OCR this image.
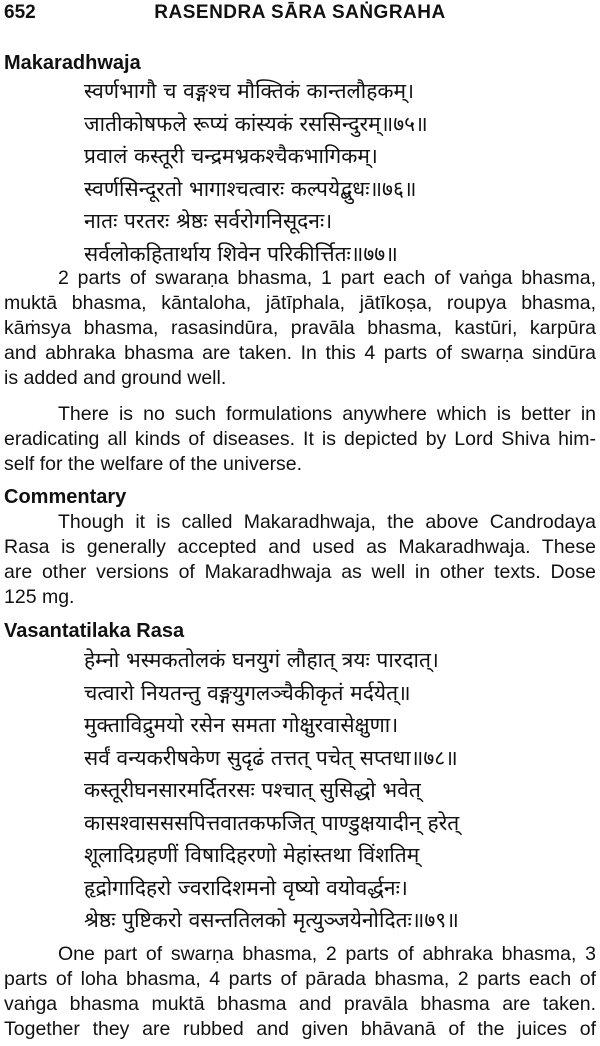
652	RASENDRA SĀRA SAṄGRAHA
Makaradhwaja
स्वर्णभागौ च वङ्गश्च मौक्तिकं कान्तलौहकम्।
जातीकोषफले रूप्यं कांस्यकं रससिन्दुरम्॥७५॥
प्रवालं कस्तूरी चन्द्रमभ्रकश्चैकभागिकम्।
स्वर्णसिन्दूरतो भागाश्चत्वारः कल्पयेद्बुधः॥७६॥
नातः परतरः श्रेष्ठः सर्वरोगनिसूदनः।
सर्वलोकहितार्थाय शिवेन परिकीर्त्तितः॥७७॥
2 parts of swaraṇa bhasma, 1 part each of vaṅga bhasma,
muktā bhasma, kāntaloha, jātīphala, jātīkoṣa, roupya bhasma,
kāṁsya bhasma, rasasindūra, pravāla bhasma, kastūri, karpūra
and abhraka bhasma are taken. In this 4 parts of swarṇa sindūra
is added and ground well.
There is no such formulations anywhere which is better in
eradicating all kinds of diseases. It is depicted by Lord Shiva him-
self for the welfare of the universe.
Commentary
Though it is called Makaradhwaja, the above Candrodaya
Rasa is generally accepted and used as Makaradhwaja. These
are other versions of Makaradhwaja as well in other texts. Dose
125 mg.
Vasantatilaka Rasa
हेम्नो भस्मकतोलकं घनयुगं लौहात् त्रयः पारदात्।
चत्वारो नियतन्तु वङ्गयुगलञ्चैकीकृतं मर्दयेत्॥
मुक्ताविद्रुमयो रसेन समता गोक्षुरवासेक्षुणा।
सर्वं वन्यकरीषकेण सुदृढं तत्तत् पचेत् सप्तधा॥७८॥
कस्तूरीघनसारमर्दितरसः पश्चात् सुसिद्धो भवेत्
कासश्वासससपित्तवातकफजित् पाण्डुक्षयादीन् हरेत्
शूलादिग्रहणीं विषादिहरणो मेहांस्तथा विंशतिम्
हृद्रोगादिहरो ज्वरादिशमनो वृष्यो वयोवर्द्धनः।
श्रेष्ठः पुष्टिकरो वसन्ततिलको मृत्युञ्जयेनोदितः॥७९॥
One part of swarṇa bhasma, 2 parts of abhraka bhasma, 3
parts of loha bhasma, 4 parts of pārada bhasma, 2 parts each of
vaṅga bhasma muktā bhasma and pravāla bhasma are taken.
Together they are rubbed and given bhāvanā of the juices of
